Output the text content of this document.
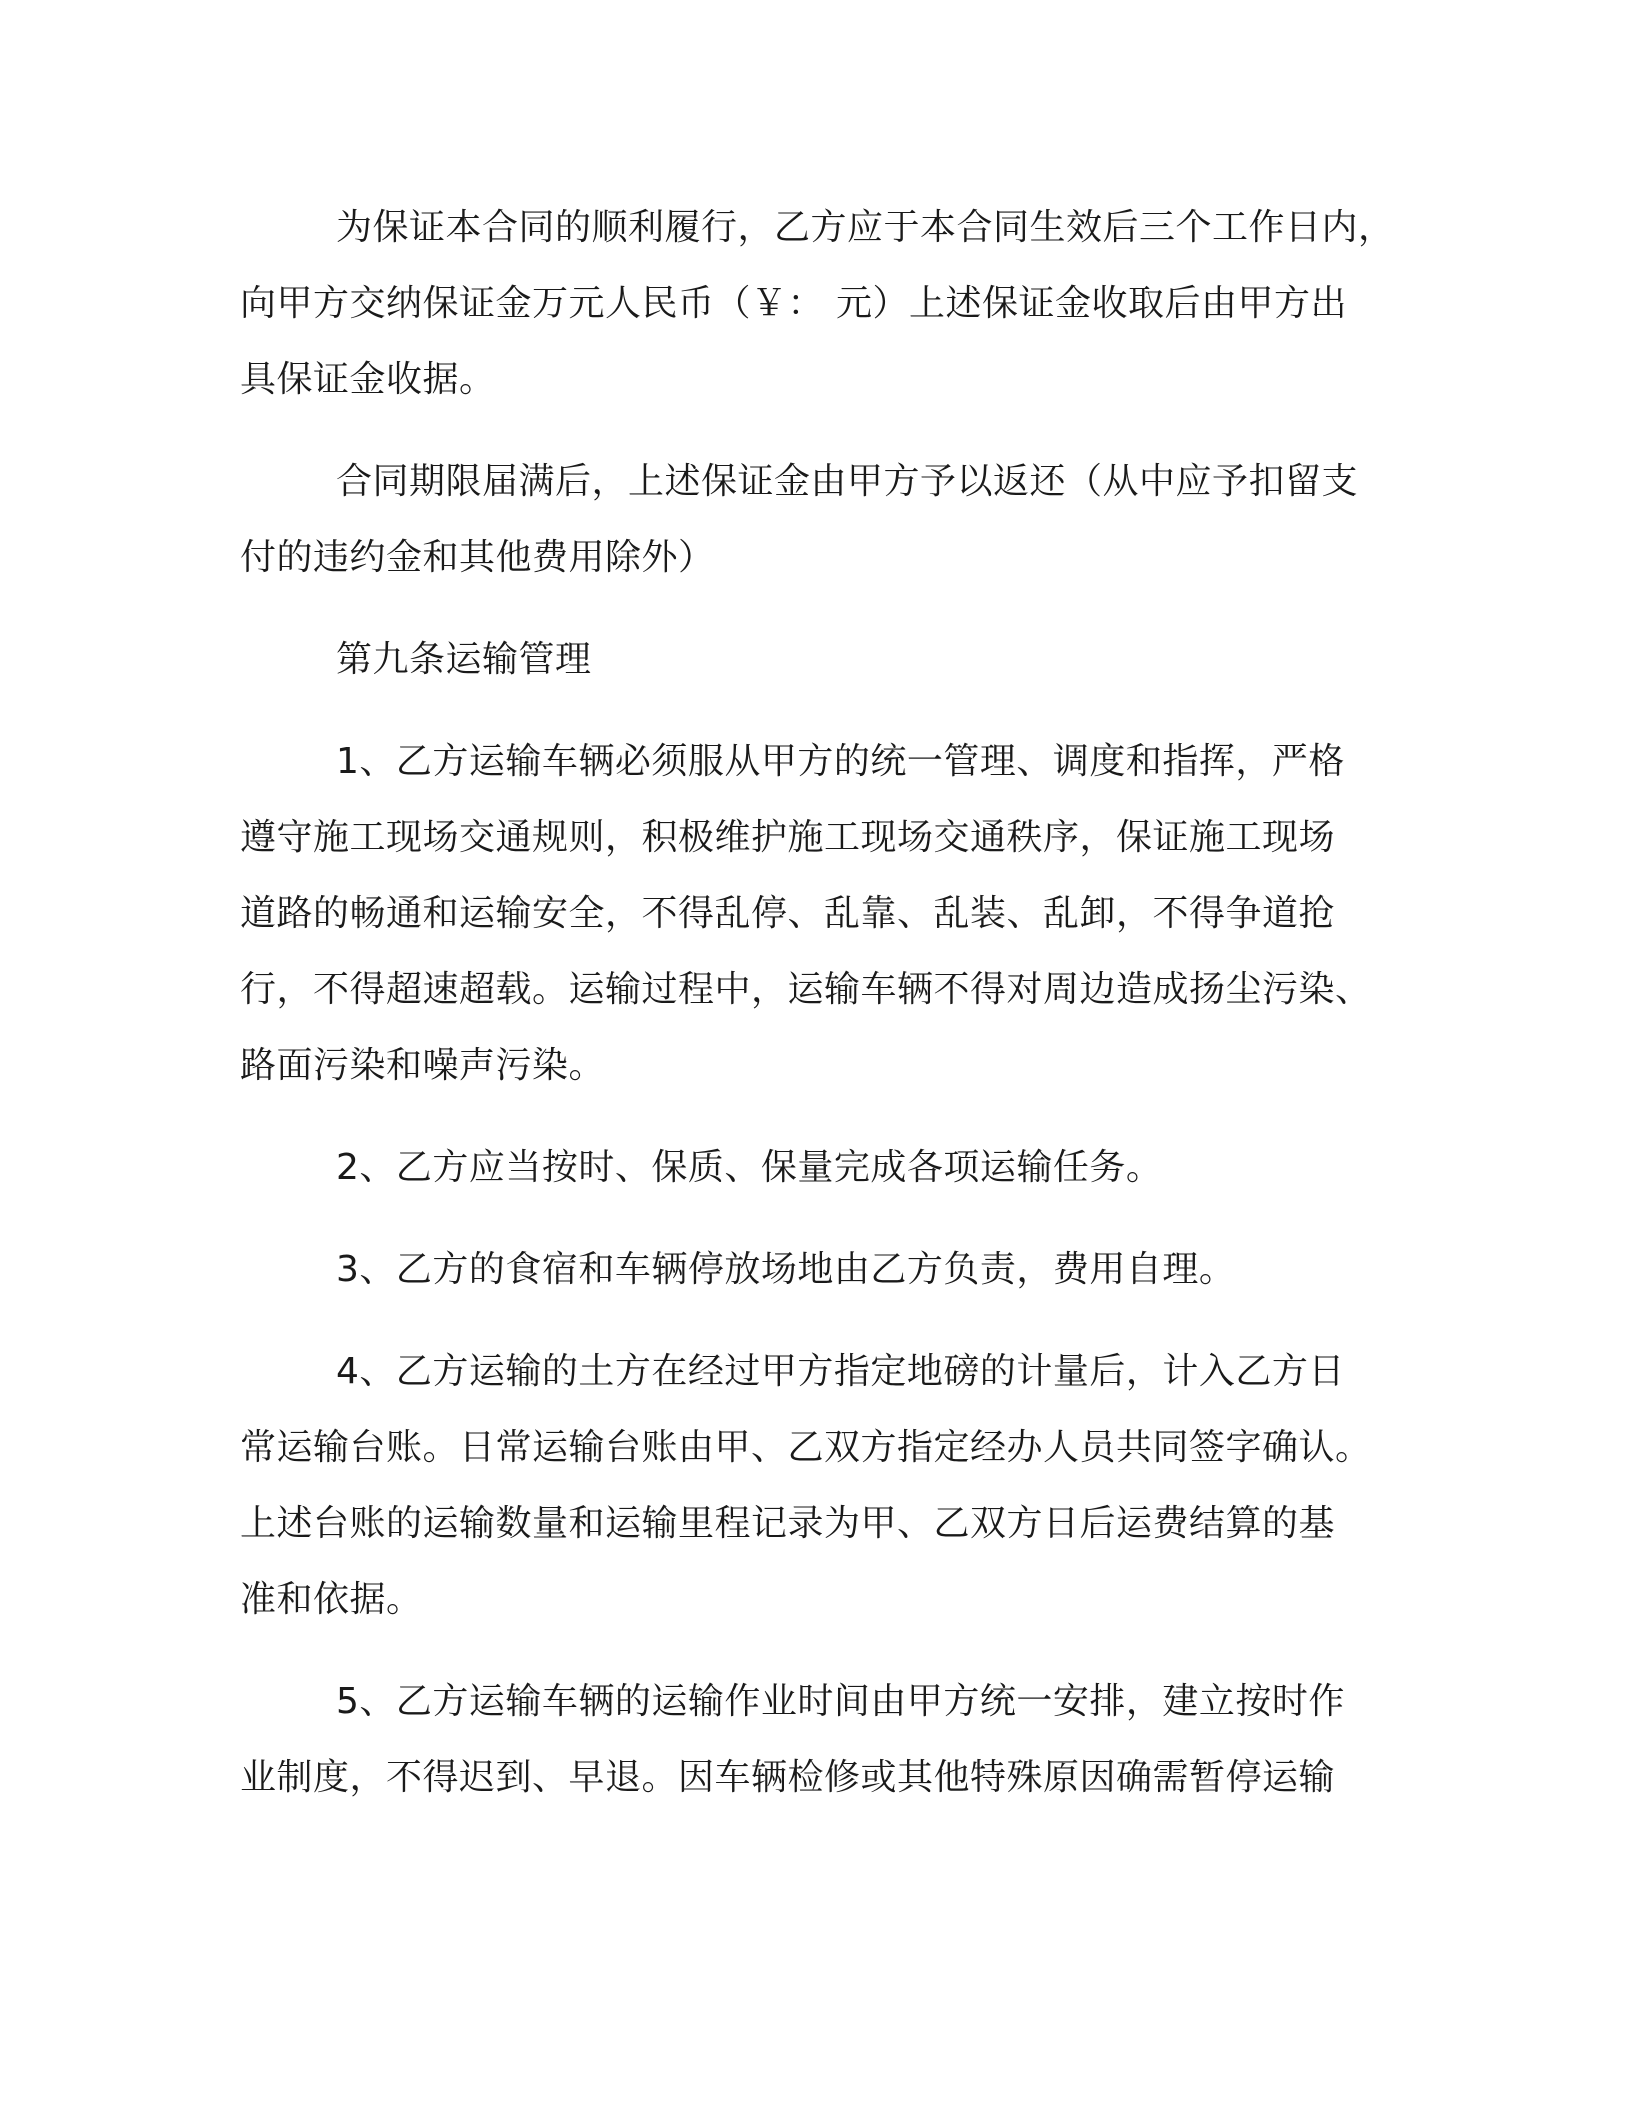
为保证本合同的顺利履行，乙方应于本合同生效后三个工作日内，
向甲方交纳保证金万元人民币（￥： 元）上述保证金收取后由甲方出
具保证金收据。

合同期限届满后，上述保证金由甲方予以返还（从中应予扣留支
付的违约金和其他费用除外）

第九条运输管理

1、乙方运输车辆必须服从甲方的统一管理、调度和指挥，严格
遵守施工现场交通规则，积极维护施工现场交通秩序，保证施工现场
道路的畅通和运输安全，不得乱停、乱靠、乱装、乱卸，不得争道抢
行，不得超速超载。运输过程中，运输车辆不得对周边造成扬尘污染、
路面污染和噪声污染。

2、乙方应当按时、保质、保量完成各项运输任务。

3、乙方的食宿和车辆停放场地由乙方负责，费用自理。

4、乙方运输的土方在经过甲方指定地磅的计量后，计入乙方日
常运输台账。日常运输台账由甲、乙双方指定经办人员共同签字确认。
上述台账的运输数量和运输里程记录为甲、乙双方日后运费结算的基
准和依据。

5、乙方运输车辆的运输作业时间由甲方统一安排，建立按时作
业制度，不得迟到、早退。因车辆检修或其他特殊原因确需暂停运输
